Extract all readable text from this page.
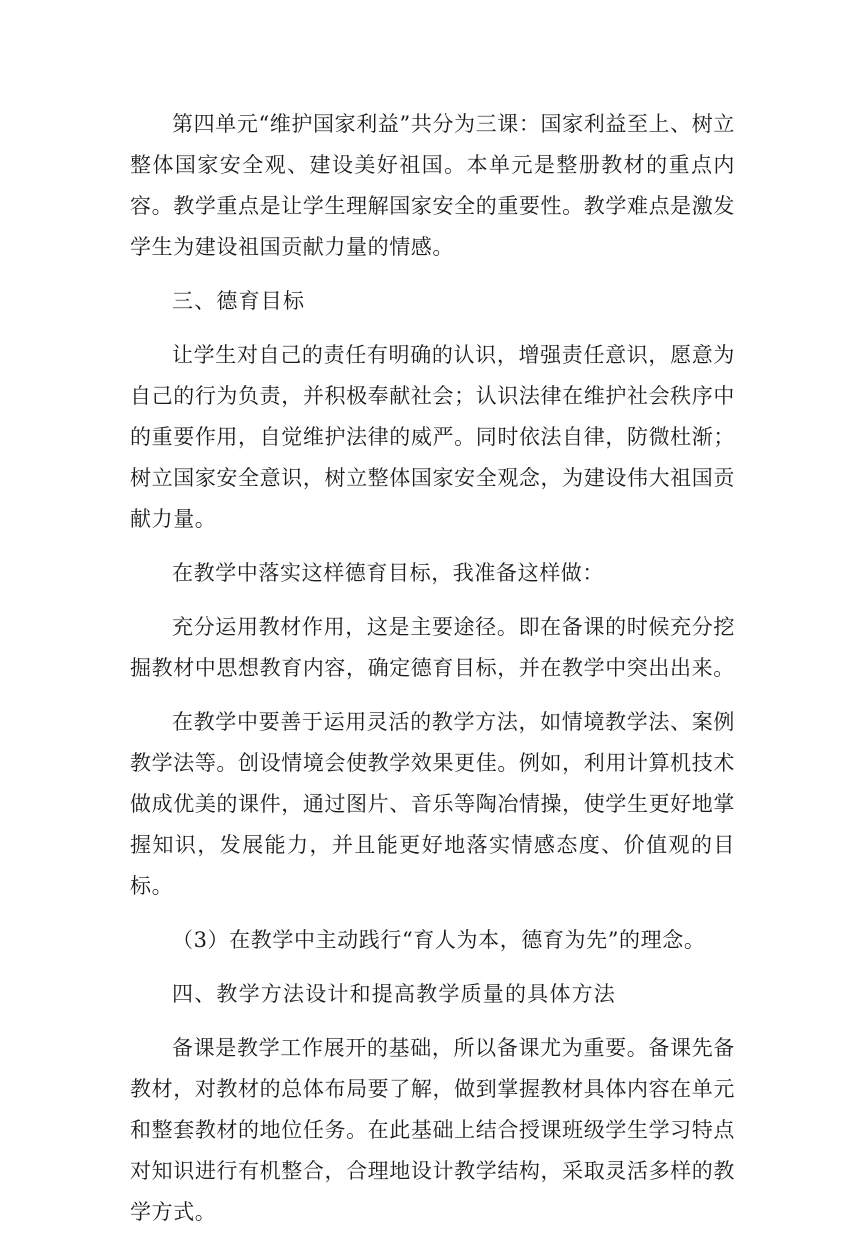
第四单元“维护国家利益”共分为三课：国家利益至上、树立整体国家安全观、建设美好祖国。本单元是整册教材的重点内容。教学重点是让学生理解国家安全的重要性。教学难点是激发学生为建设祖国贡献力量的情感。

三、德育目标

让学生对自己的责任有明确的认识，增强责任意识，愿意为自己的行为负责，并积极奉献社会；认识法律在维护社会秩序中的重要作用，自觉维护法律的威严。同时依法自律，防微杜渐；树立国家安全意识，树立整体国家安全观念，为建设伟大祖国贡献力量。

在教学中落实这样德育目标，我准备这样做：

充分运用教材作用，这是主要途径。即在备课的时候充分挖掘教材中思想教育内容，确定德育目标，并在教学中突出出来。

在教学中要善于运用灵活的教学方法，如情境教学法、案例教学法等。创设情境会使教学效果更佳。例如，利用计算机技术做成优美的课件，通过图片、音乐等陶冶情操，使学生更好地掌握知识，发展能力，并且能更好地落实情感态度、价值观的目标。

（3）在教学中主动践行“育人为本，德育为先”的理念。

四、教学方法设计和提高教学质量的具体方法

备课是教学工作展开的基础，所以备课尤为重要。备课先备教材，对教材的总体布局要了解，做到掌握教材具体内容在单元和整套教材的地位任务。在此基础上结合授课班级学生学习特点对知识进行有机整合，合理地设计教学结构，采取灵活多样的教学方式。
